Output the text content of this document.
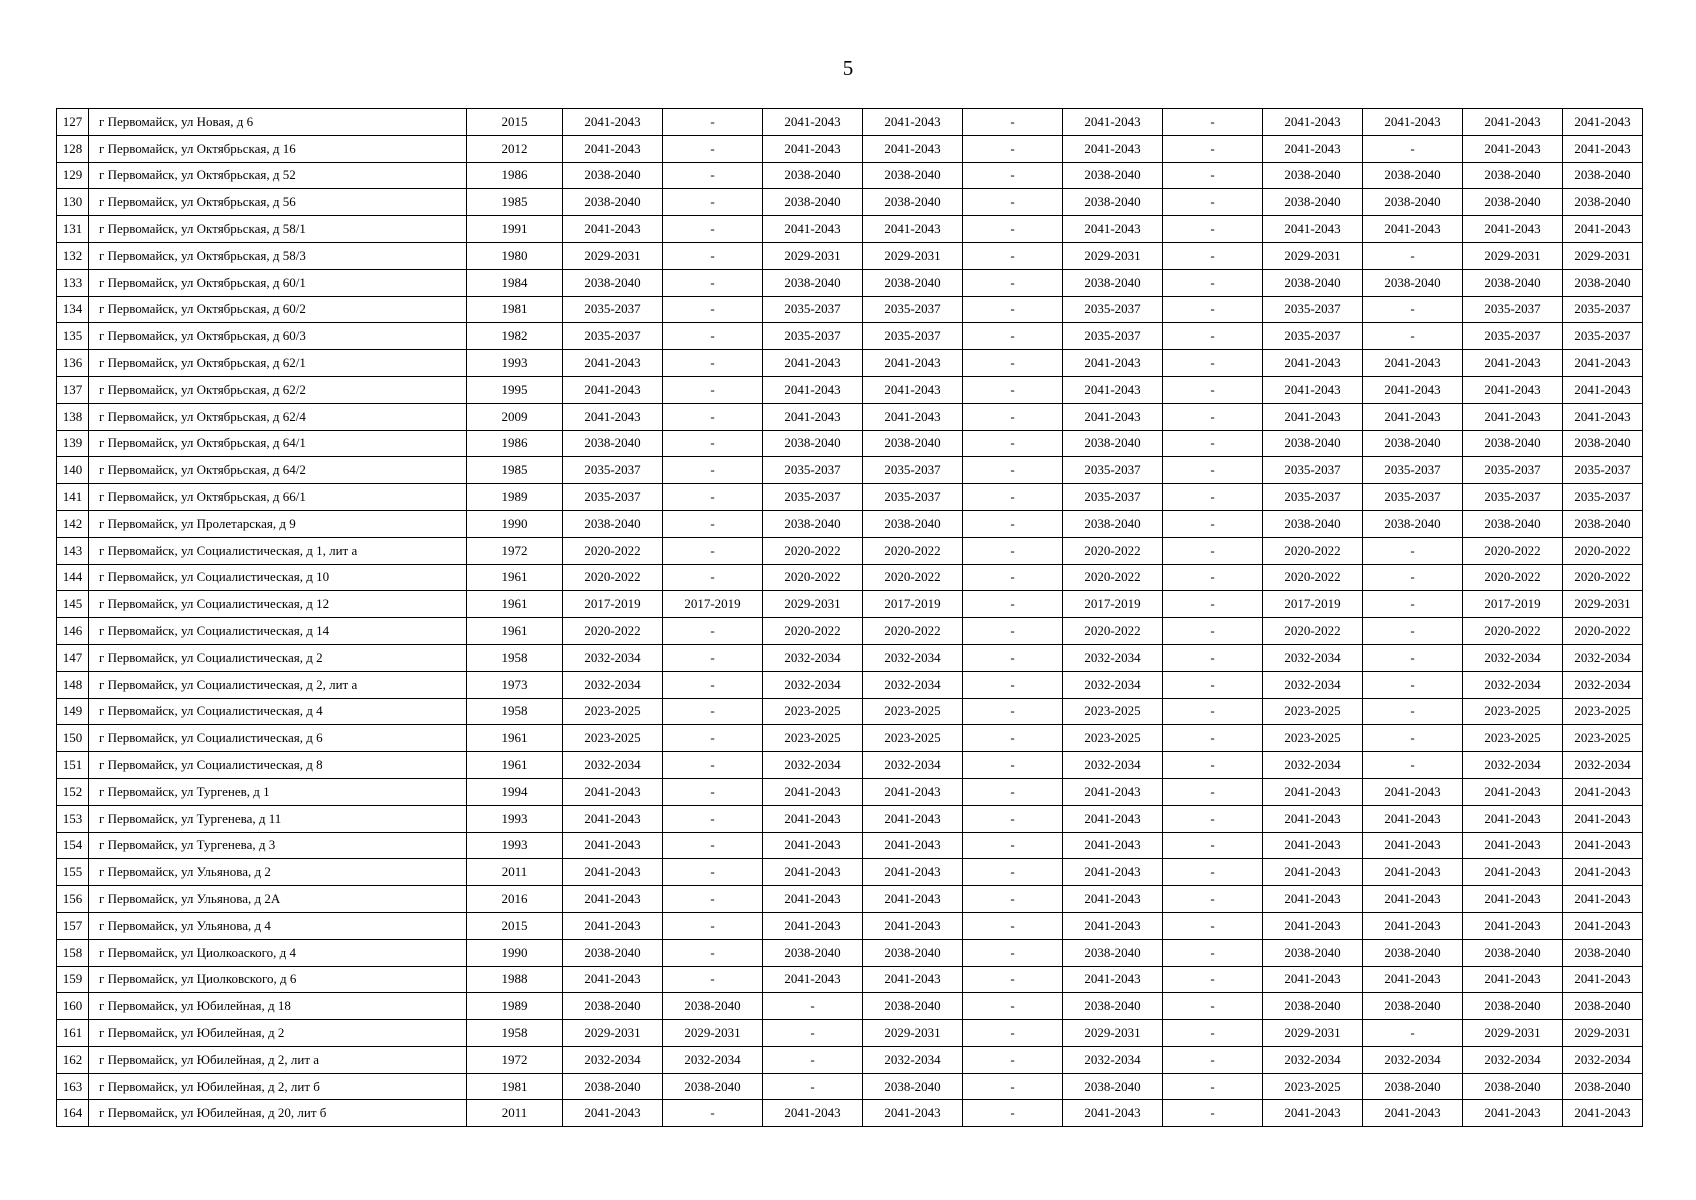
5
127	г Первомайск, ул Новая, д 6	2015	2041-2043	-	2041-2043	2041-2043	-	2041-2043	-	2041-2043	2041-2043	2041-2043	2041-2043
128	г Первомайск, ул Октябрьская, д 16	2012	2041-2043	-	2041-2043	2041-2043	-	2041-2043	-	2041-2043	-	2041-2043	2041-2043
129	г Первомайск, ул Октябрьская, д 52	1986	2038-2040	-	2038-2040	2038-2040	-	2038-2040	-	2038-2040	2038-2040	2038-2040	2038-2040
130	г Первомайск, ул Октябрьская, д 56	1985	2038-2040	-	2038-2040	2038-2040	-	2038-2040	-	2038-2040	2038-2040	2038-2040	2038-2040
131	г Первомайск, ул Октябрьская, д 58/1	1991	2041-2043	-	2041-2043	2041-2043	-	2041-2043	-	2041-2043	2041-2043	2041-2043	2041-2043
132	г Первомайск, ул Октябрьская, д 58/3	1980	2029-2031	-	2029-2031	2029-2031	-	2029-2031	-	2029-2031	-	2029-2031	2029-2031
133	г Первомайск, ул Октябрьская, д 60/1	1984	2038-2040	-	2038-2040	2038-2040	-	2038-2040	-	2038-2040	2038-2040	2038-2040	2038-2040
134	г Первомайск, ул Октябрьская, д 60/2	1981	2035-2037	-	2035-2037	2035-2037	-	2035-2037	-	2035-2037	-	2035-2037	2035-2037
135	г Первомайск, ул Октябрьская, д 60/3	1982	2035-2037	-	2035-2037	2035-2037	-	2035-2037	-	2035-2037	-	2035-2037	2035-2037
136	г Первомайск, ул Октябрьская, д 62/1	1993	2041-2043	-	2041-2043	2041-2043	-	2041-2043	-	2041-2043	2041-2043	2041-2043	2041-2043
137	г Первомайск, ул Октябрьская, д 62/2	1995	2041-2043	-	2041-2043	2041-2043	-	2041-2043	-	2041-2043	2041-2043	2041-2043	2041-2043
138	г Первомайск, ул Октябрьская, д 62/4	2009	2041-2043	-	2041-2043	2041-2043	-	2041-2043	-	2041-2043	2041-2043	2041-2043	2041-2043
139	г Первомайск, ул Октябрьская, д 64/1	1986	2038-2040	-	2038-2040	2038-2040	-	2038-2040	-	2038-2040	2038-2040	2038-2040	2038-2040
140	г Первомайск, ул Октябрьская, д 64/2	1985	2035-2037	-	2035-2037	2035-2037	-	2035-2037	-	2035-2037	2035-2037	2035-2037	2035-2037
141	г Первомайск, ул Октябрьская, д 66/1	1989	2035-2037	-	2035-2037	2035-2037	-	2035-2037	-	2035-2037	2035-2037	2035-2037	2035-2037
142	г Первомайск, ул Пролетарская, д 9	1990	2038-2040	-	2038-2040	2038-2040	-	2038-2040	-	2038-2040	2038-2040	2038-2040	2038-2040
143	г Первомайск, ул Социалистическая, д 1, лит а	1972	2020-2022	-	2020-2022	2020-2022	-	2020-2022	-	2020-2022	-	2020-2022	2020-2022
144	г Первомайск, ул Социалистическая, д 10	1961	2020-2022	-	2020-2022	2020-2022	-	2020-2022	-	2020-2022	-	2020-2022	2020-2022
145	г Первомайск, ул Социалистическая, д 12	1961	2017-2019	2017-2019	2029-2031	2017-2019	-	2017-2019	-	2017-2019	-	2017-2019	2029-2031
146	г Первомайск, ул Социалистическая, д 14	1961	2020-2022	-	2020-2022	2020-2022	-	2020-2022	-	2020-2022	-	2020-2022	2020-2022
147	г Первомайск, ул Социалистическая, д 2	1958	2032-2034	-	2032-2034	2032-2034	-	2032-2034	-	2032-2034	-	2032-2034	2032-2034
148	г Первомайск, ул Социалистическая, д 2, лит а	1973	2032-2034	-	2032-2034	2032-2034	-	2032-2034	-	2032-2034	-	2032-2034	2032-2034
149	г Первомайск, ул Социалистическая, д 4	1958	2023-2025	-	2023-2025	2023-2025	-	2023-2025	-	2023-2025	-	2023-2025	2023-2025
150	г Первомайск, ул Социалистическая, д 6	1961	2023-2025	-	2023-2025	2023-2025	-	2023-2025	-	2023-2025	-	2023-2025	2023-2025
151	г Первомайск, ул Социалистическая, д 8	1961	2032-2034	-	2032-2034	2032-2034	-	2032-2034	-	2032-2034	-	2032-2034	2032-2034
152	г Первомайск, ул Тургенев, д 1	1994	2041-2043	-	2041-2043	2041-2043	-	2041-2043	-	2041-2043	2041-2043	2041-2043	2041-2043
153	г Первомайск, ул Тургенева, д 11	1993	2041-2043	-	2041-2043	2041-2043	-	2041-2043	-	2041-2043	2041-2043	2041-2043	2041-2043
154	г Первомайск, ул Тургенева, д 3	1993	2041-2043	-	2041-2043	2041-2043	-	2041-2043	-	2041-2043	2041-2043	2041-2043	2041-2043
155	г Первомайск, ул Ульянова, д 2	2011	2041-2043	-	2041-2043	2041-2043	-	2041-2043	-	2041-2043	2041-2043	2041-2043	2041-2043
156	г Первомайск, ул Ульянова, д 2А	2016	2041-2043	-	2041-2043	2041-2043	-	2041-2043	-	2041-2043	2041-2043	2041-2043	2041-2043
157	г Первомайск, ул Ульянова, д 4	2015	2041-2043	-	2041-2043	2041-2043	-	2041-2043	-	2041-2043	2041-2043	2041-2043	2041-2043
158	г Первомайск, ул Циолкоаского, д 4	1990	2038-2040	-	2038-2040	2038-2040	-	2038-2040	-	2038-2040	2038-2040	2038-2040	2038-2040
159	г Первомайск, ул Циолковского, д 6	1988	2041-2043	-	2041-2043	2041-2043	-	2041-2043	-	2041-2043	2041-2043	2041-2043	2041-2043
160	г Первомайск, ул Юбилейная, д 18	1989	2038-2040	2038-2040	-	2038-2040	-	2038-2040	-	2038-2040	2038-2040	2038-2040	2038-2040
161	г Первомайск, ул Юбилейная, д 2	1958	2029-2031	2029-2031	-	2029-2031	-	2029-2031	-	2029-2031	-	2029-2031	2029-2031
162	г Первомайск, ул Юбилейная, д 2, лит а	1972	2032-2034	2032-2034	-	2032-2034	-	2032-2034	-	2032-2034	2032-2034	2032-2034	2032-2034
163	г Первомайск, ул Юбилейная, д 2, лит б	1981	2038-2040	2038-2040	-	2038-2040	-	2038-2040	-	2023-2025	2038-2040	2038-2040	2038-2040
164	г Первомайск, ул Юбилейная, д 20, лит б	2011	2041-2043	-	2041-2043	2041-2043	-	2041-2043	-	2041-2043	2041-2043	2041-2043	2041-2043
